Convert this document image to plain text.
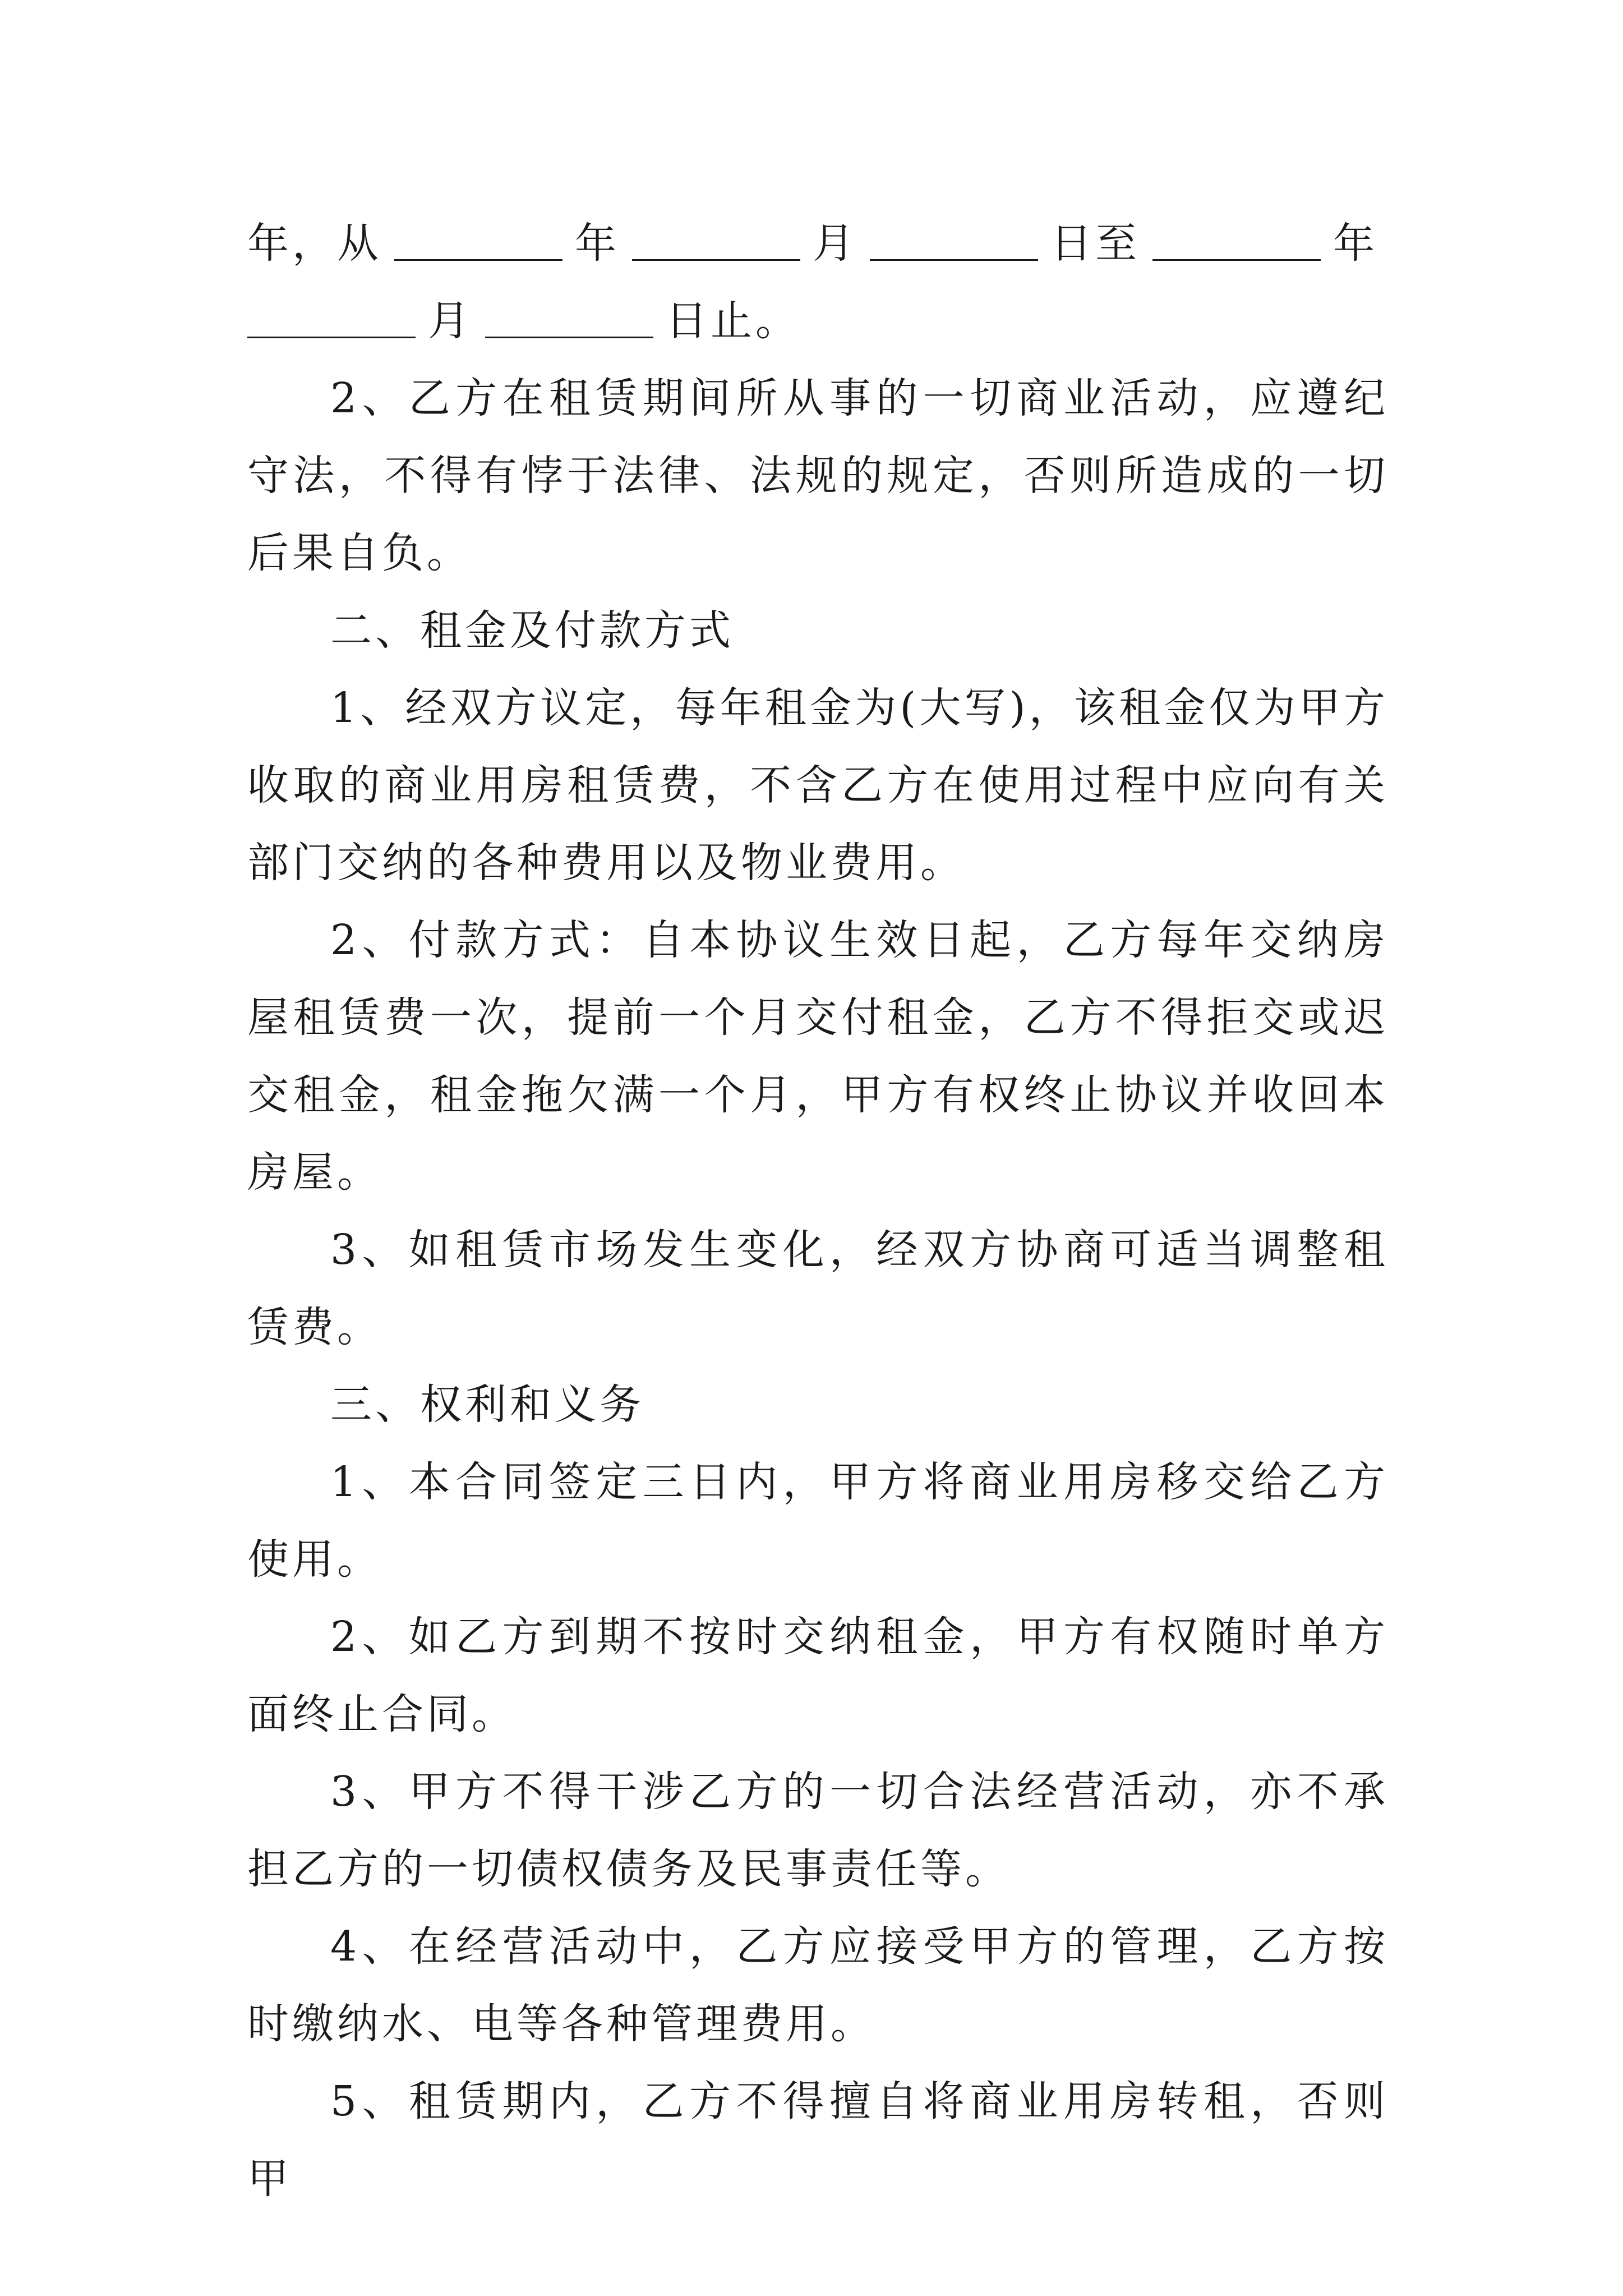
年，从	年	月	日至	年
月	日止。

2、乙方在租赁期间所从事的一切商业活动，应遵纪守法，不得有悖于法律、法规的规定，否则所造成的一切后果自负。

二、租金及付款方式

1、经双方议定，每年租金为(大写)，该租金仅为甲方收取的商业用房租赁费，不含乙方在使用过程中应向有关部门交纳的各种费用以及物业费用。

2、付款方式：自本协议生效日起，乙方每年交纳房屋租赁费一次，提前一个月交付租金，乙方不得拒交或迟交租金，租金拖欠满一个月，甲方有权终止协议并收回本房屋。

3、如租赁市场发生变化，经双方协商可适当调整租赁费。

三、权利和义务

1、本合同签定三日内，甲方将商业用房移交给乙方使用。

2、如乙方到期不按时交纳租金，甲方有权随时单方面终止合同。

3、甲方不得干涉乙方的一切合法经营活动，亦不承担乙方的一切债权债务及民事责任等。

4、在经营活动中，乙方应接受甲方的管理，乙方按时缴纳水、电等各种管理费用。

5、租赁期内，乙方不得擅自将商业用房转租，否则甲
